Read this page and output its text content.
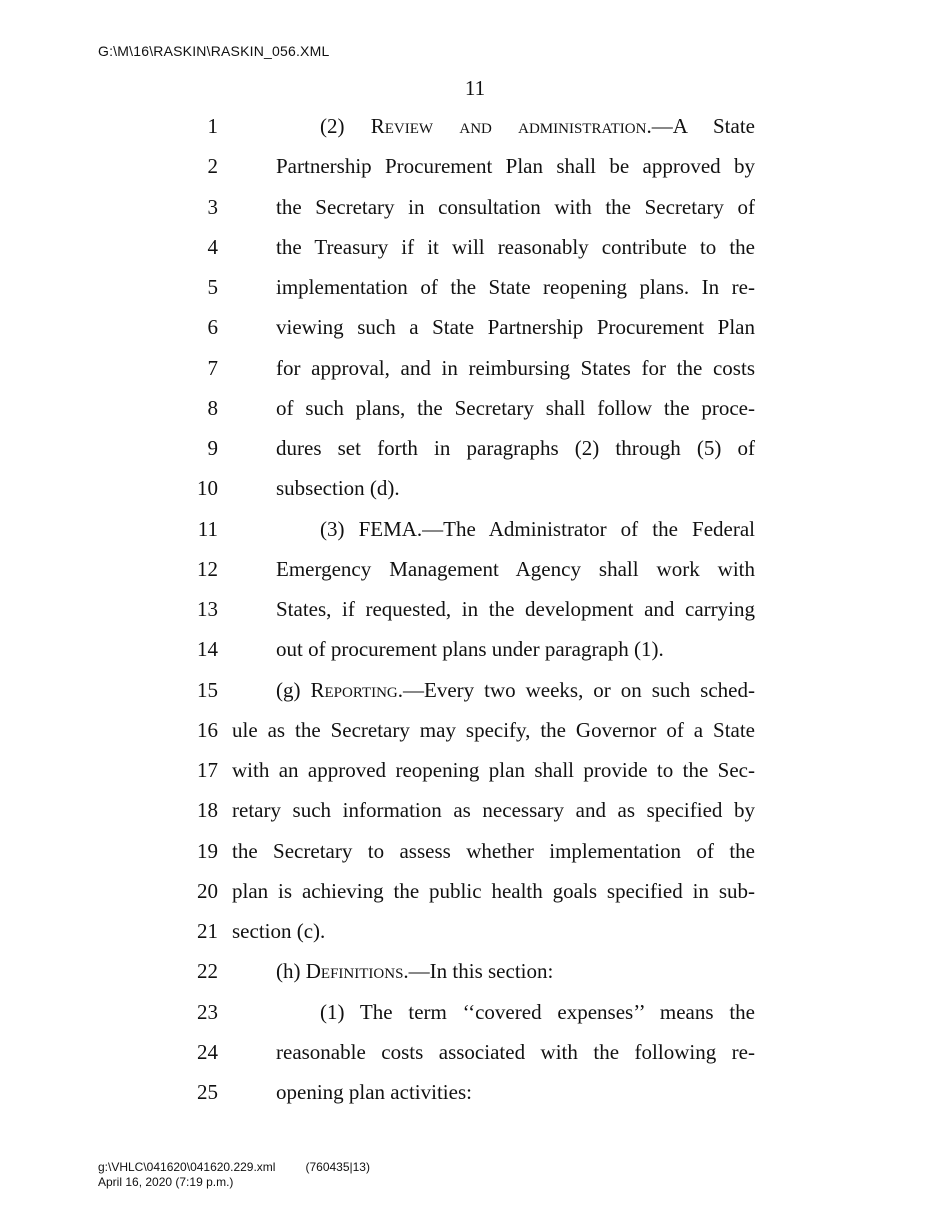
G:\M\16\RASKIN\RASKIN_056.XML
11
1	(2) Review and administration.—A State
2	Partnership Procurement Plan shall be approved by
3	the Secretary in consultation with the Secretary of
4	the Treasury if it will reasonably contribute to the
5	implementation of the State reopening plans. In re-
6	viewing such a State Partnership Procurement Plan
7	for approval, and in reimbursing States for the costs
8	of such plans, the Secretary shall follow the proce-
9	dures set forth in paragraphs (2) through (5) of
10	subsection (d).
11	(3) FEMA.—The Administrator of the Federal
12	Emergency Management Agency shall work with
13	States, if requested, in the development and carrying
14	out of procurement plans under paragraph (1).
15	(g) Reporting.—Every two weeks, or on such sched-
16 ule as the Secretary may specify, the Governor of a State
17 with an approved reopening plan shall provide to the Sec-
18 retary such information as necessary and as specified by
19 the Secretary to assess whether implementation of the
20 plan is achieving the public health goals specified in sub-
21 section (c).
22	(h) Definitions.—In this section:
23	(1) The term ‘‘covered expenses’’ means the
24	reasonable costs associated with the following re-
25	opening plan activities:
g:\VHLC\041620\041620.229.xml	(760435|13)
April 16, 2020 (7:19 p.m.)
